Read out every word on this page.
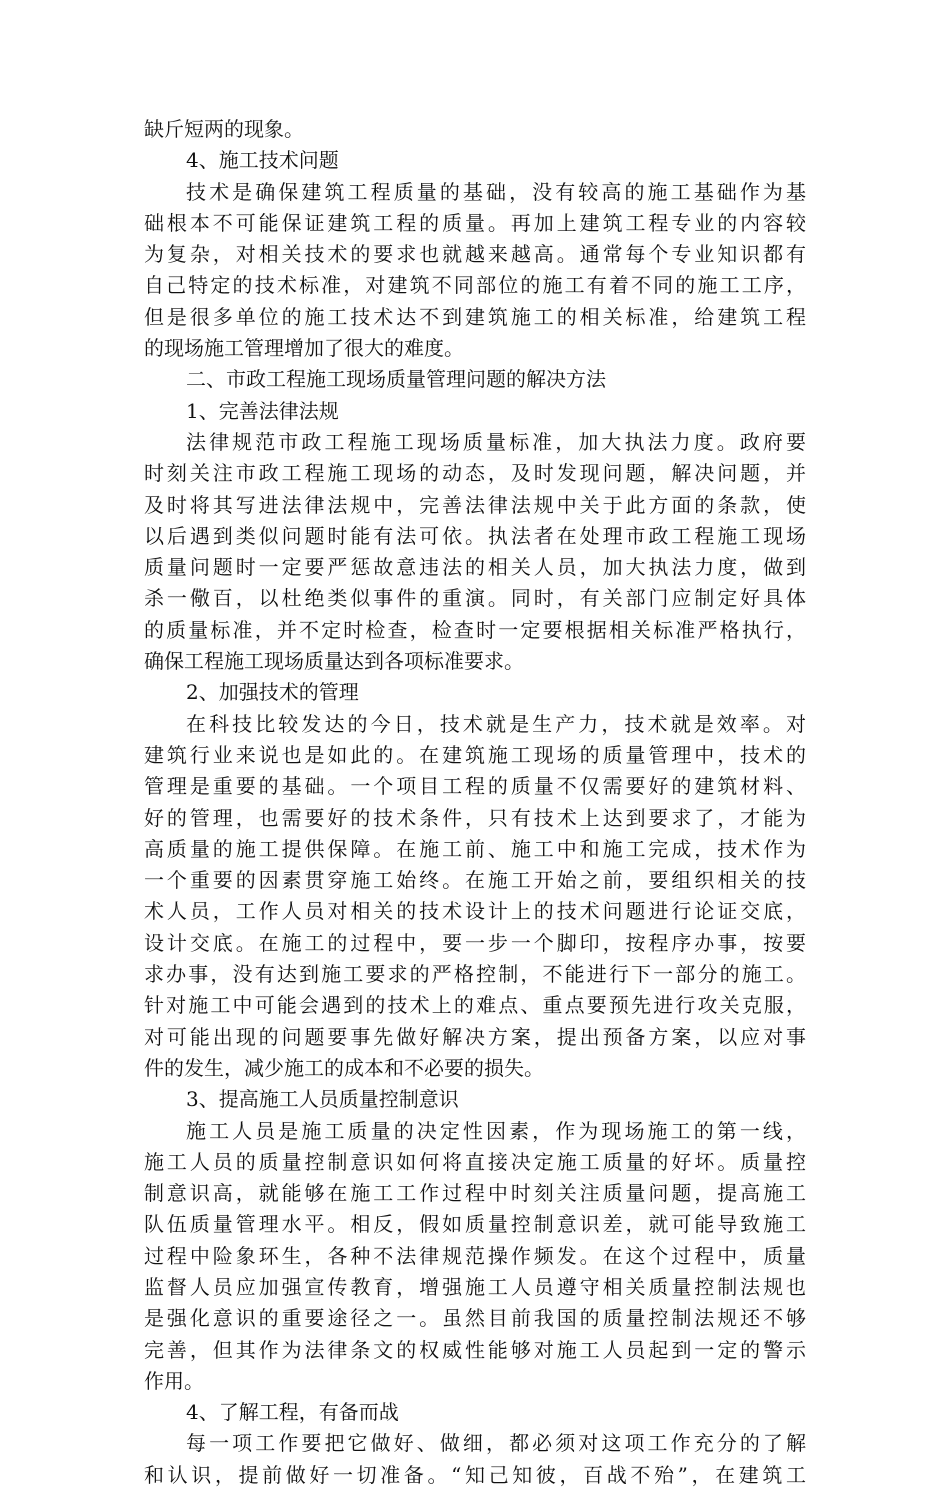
缺斤短两的现象。
4、施工技术问题
技术是确保建筑工程质量的基础，没有较高的施工基础作为基
础根本不可能保证建筑工程的质量。再加上建筑工程专业的内容较
为复杂，对相关技术的要求也就越来越高。通常每个专业知识都有
自己特定的技术标准，对建筑不同部位的施工有着不同的施工工序，
但是很多单位的施工技术达不到建筑施工的相关标准，给建筑工程
的现场施工管理增加了很大的难度。
二、市政工程施工现场质量管理问题的解决方法
1、完善法律法规
法律规范市政工程施工现场质量标准，加大执法力度。政府要
时刻关注市政工程施工现场的动态，及时发现问题，解决问题，并
及时将其写进法律法规中，完善法律法规中关于此方面的条款，使
以后遇到类似问题时能有法可依。执法者在处理市政工程施工现场
质量问题时一定要严惩故意违法的相关人员，加大执法力度，做到
杀一儆百，以杜绝类似事件的重演。同时，有关部门应制定好具体
的质量标准，并不定时检查，检查时一定要根据相关标准严格执行，
确保工程施工现场质量达到各项标准要求。
2、加强技术的管理
在科技比较发达的今日，技术就是生产力，技术就是效率。对
建筑行业来说也是如此的。在建筑施工现场的质量管理中，技术的
管理是重要的基础。一个项目工程的质量不仅需要好的建筑材料、
好的管理，也需要好的技术条件，只有技术上达到要求了，才能为
高质量的施工提供保障。在施工前、施工中和施工完成，技术作为
一个重要的因素贯穿施工始终。在施工开始之前，要组织相关的技
术人员，工作人员对相关的技术设计上的技术问题进行论证交底，
设计交底。在施工的过程中，要一步一个脚印，按程序办事，按要
求办事，没有达到施工要求的严格控制，不能进行下一部分的施工。
针对施工中可能会遇到的技术上的难点、重点要预先进行攻关克服，
对可能出现的问题要事先做好解决方案，提出预备方案，以应对事
件的发生，减少施工的成本和不必要的损失。
3、提高施工人员质量控制意识
施工人员是施工质量的决定性因素，作为现场施工的第一线，
施工人员的质量控制意识如何将直接决定施工质量的好坏。质量控
制意识高，就能够在施工工作过程中时刻关注质量问题，提高施工
队伍质量管理水平。相反，假如质量控制意识差，就可能导致施工
过程中险象环生，各种不法律规范操作频发。在这个过程中，质量
监督人员应加强宣传教育，增强施工人员遵守相关质量控制法规也
是强化意识的重要途径之一。虽然目前我国的质量控制法规还不够
完善，但其作为法律条文的权威性能够对施工人员起到一定的警示
作用。
4、了解工程，有备而战
每一项工作要把它做好、做细，都必须对这项工作充分的了解
和认识，提前做好一切准备。“知己知彼，百战不殆”，在建筑工
